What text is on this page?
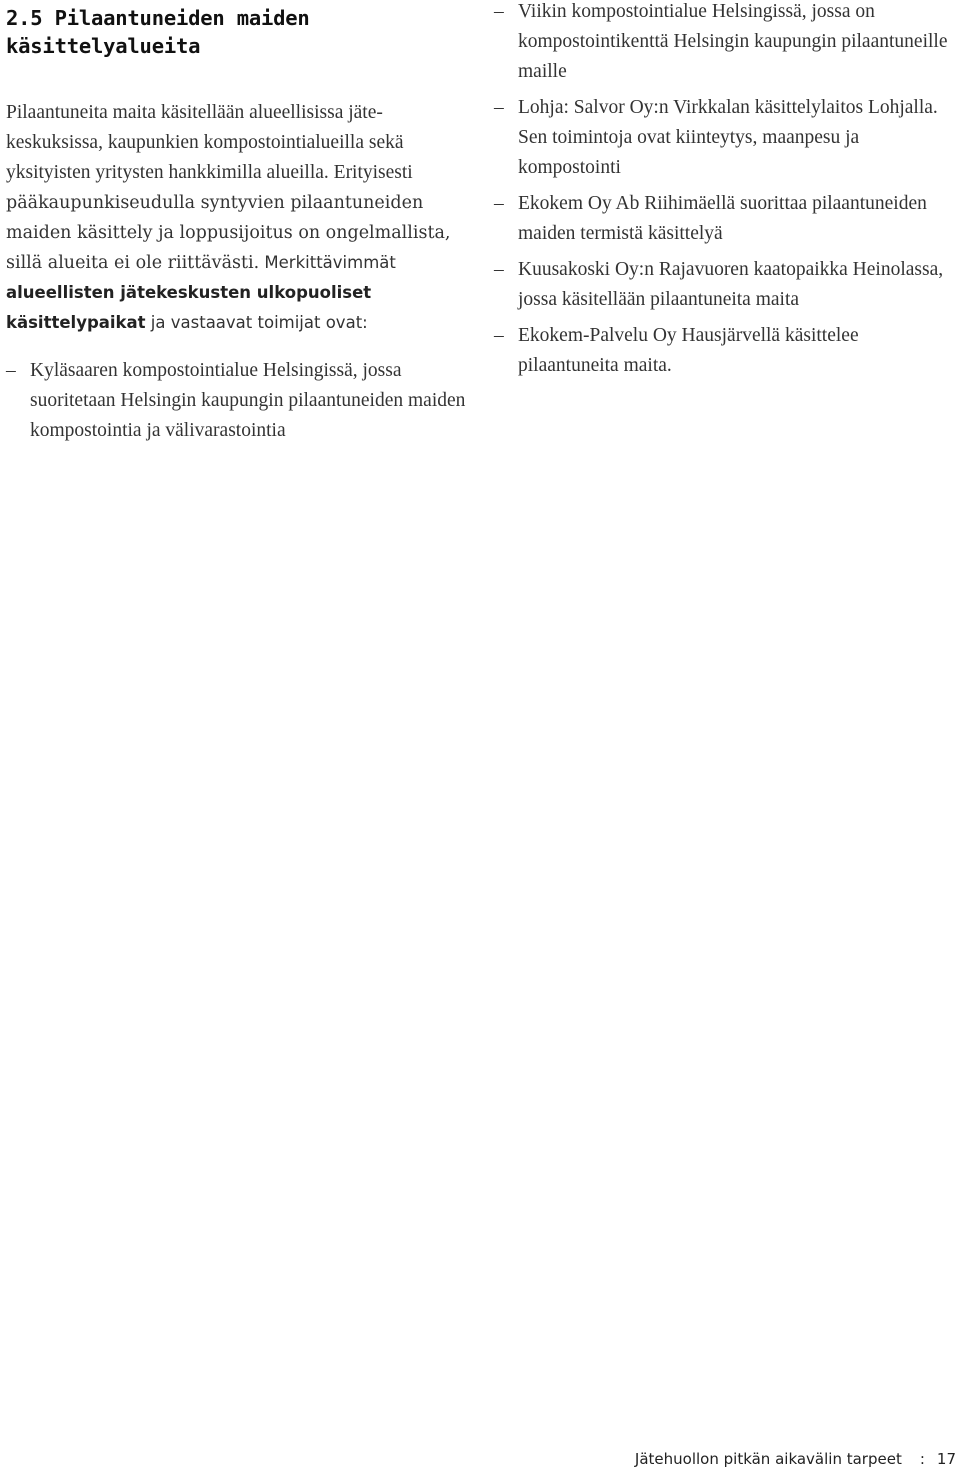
2.5 Pilaantuneiden maiden käsittelyalueita

Pilaantuneita maita käsitellään alueellisissa jäte-keskuksissa, kaupunkien kompostointialueilla sekä yksityisten yritysten hankkimilla alueilla. Erityisesti pääkaupunkiseudulla syntyvien pilaantuneiden maiden käsittely ja loppusijoitus on ongelmallista, sillä alueita ei ole riittävästi. Merkittävimmät alueellisten jätekeskusten ulkopuoliset käsittelypaikat ja vastaavat toimijat ovat:

– Kyläsaaren kompostointialue Helsingissä, jossa suoritetaan Helsingin kaupungin pilaantuneiden maiden kompostointia ja välivarastointia
– Viikin kompostointialue Helsingissä, jossa on kompostointikenttä Helsingin kaupungin pilaantuneille maille
– Lohja: Salvor Oy:n Virkkalan käsittelylaitos Lohjalla. Sen toimintoja ovat kiinteytys, maanpesu ja kompostointi
– Ekokem Oy Ab Riihimäellä suorittaa pilaantuneiden maiden termistä käsittelyä
– Kuusakoski Oy:n Rajavuoren kaatopaikka Heinolassa, jossa käsitellään pilaantuneita maita
– Ekokem-Palvelu Oy Hausjärvellä käsittelee pilaantuneita maita.
Jätehuollon pitkän aikavälin tarpeet : 17
